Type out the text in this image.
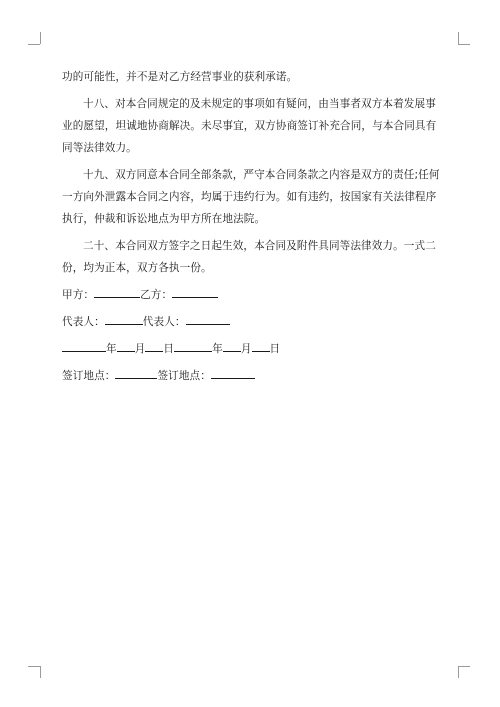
功的可能性，并不是对乙方经营事业的获利承诺。

十八、对本合同规定的及未规定的事项如有疑问，由当事者双方本着发展事业的愿望，坦诚地协商解决。未尽事宜，双方协商签订补充合同，与本合同具有同等法律效力。

十九、双方同意本合同全部条款，严守本合同条款之内容是双方的责任;任何一方向外泄露本合同之内容，均属于违约行为。如有违约，按国家有关法律程序执行，仲裁和诉讼地点为甲方所在地法院。

二十、本合同双方签字之日起生效，本合同及附件具同等法律效力。一式二份，均为正本，双方各执一份。

甲方：	乙方：
代表人：	代表人：
年 月 日	年 月 日
签订地点：	签订地点：
